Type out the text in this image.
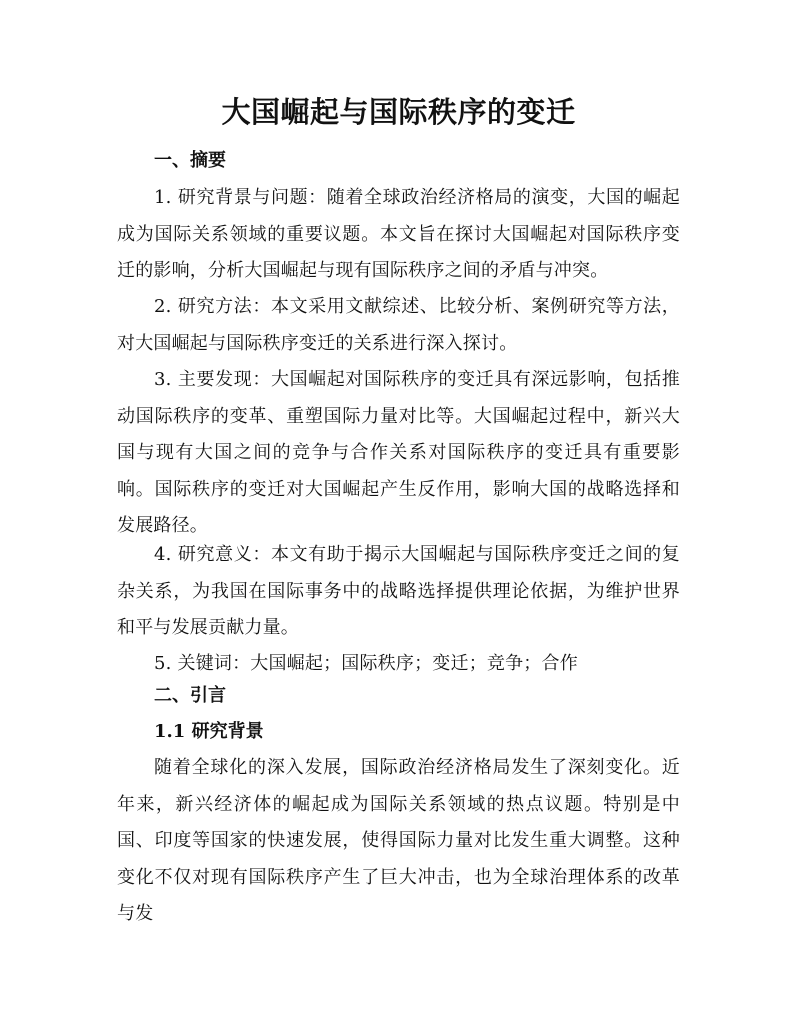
大国崛起与国际秩序的变迁
一、摘要

1. 研究背景与问题：随着全球政治经济格局的演变，大国的崛起成为国际关系领域的重要议题。本文旨在探讨大国崛起对国际秩序变迁的影响，分析大国崛起与现有国际秩序之间的矛盾与冲突。

2. 研究方法：本文采用文献综述、比较分析、案例研究等方法，对大国崛起与国际秩序变迁的关系进行深入探讨。

3. 主要发现：大国崛起对国际秩序的变迁具有深远影响，包括推动国际秩序的变革、重塑国际力量对比等。大国崛起过程中，新兴大国与现有大国之间的竞争与合作关系对国际秩序的变迁具有重要影响。国际秩序的变迁对大国崛起产生反作用，影响大国的战略选择和发展路径。

4. 研究意义：本文有助于揭示大国崛起与国际秩序变迁之间的复杂关系，为我国在国际事务中的战略选择提供理论依据，为维护世界和平与发展贡献力量。

5. 关键词：大国崛起；国际秩序；变迁；竞争；合作

二、引言
1.1 研究背景

随着全球化的深入发展，国际政治经济格局发生了深刻变化。近年来，新兴经济体的崛起成为国际关系领域的热点议题。特别是中国、印度等国家的快速发展，使得国际力量对比发生重大调整。这种变化不仅对现有国际秩序产生了巨大冲击，也为全球治理体系的改革与发
